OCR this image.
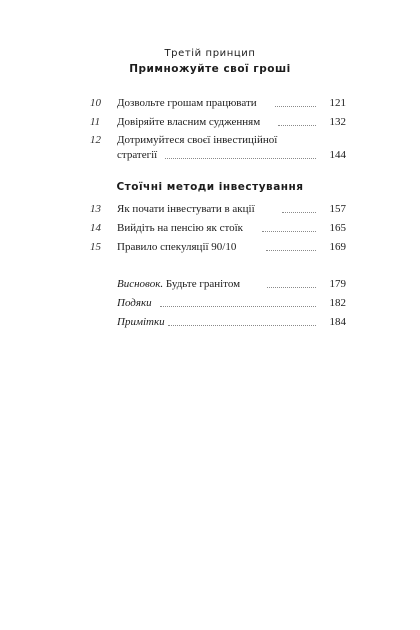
Третій принцип
Примножуйте свої гроші
10	Дозвольте грошам працювати	121
11	Довіряйте власним судженням	132
12	Дотримуйтеся своєї інвестиційної
стратегії	144
Стоїчні методи інвестування
13	Як почати інвестувати в акції	157
14	Вийдіть на пенсію як стоїк	165
15	Правило спекуляції 90/10	169
Висновок. Будьте гранітом	179
Подяки	182
Примітки	184
